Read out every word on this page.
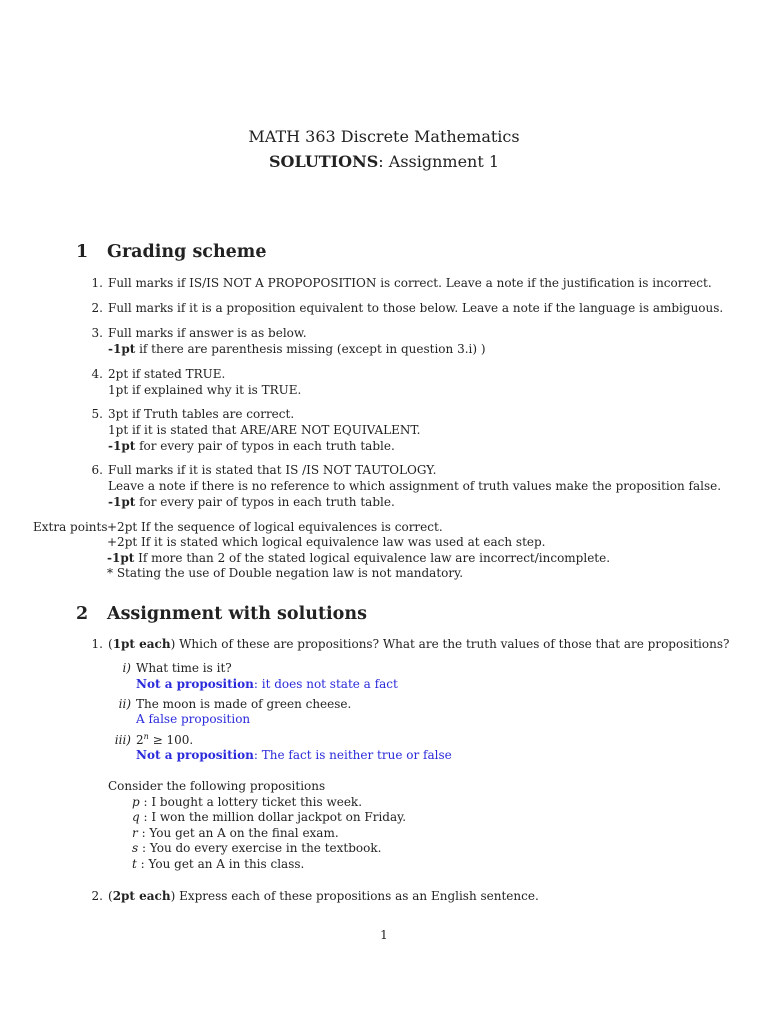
MATH 363 Discrete Mathematics
SOLUTIONS: Assignment 1
1 Grading scheme
1. Full marks if IS/IS NOT A PROPOPOSITION is correct. Leave a note if the justification is incorrect.
2. Full marks if it is a proposition equivalent to those below. Leave a note if the language is ambiguous.
3. Full marks if answer is as below.
-1pt if there are parenthesis missing (except in question 3.i) )
4. 2pt if stated TRUE.
1pt if explained why it is TRUE.
5. 3pt if Truth tables are correct.
1pt if it is stated that ARE/ARE NOT EQUIVALENT.
-1pt for every pair of typos in each truth table.
6. Full marks if it is stated that IS /IS NOT TAUTOLOGY.
Leave a note if there is no reference to which assignment of truth values make the proposition false.
-1pt for every pair of typos in each truth table.
Extra points +2pt If the sequence of logical equivalences is correct.
+2pt If it is stated which logical equivalence law was used at each step.
-1pt If more than 2 of the stated logical equivalence law are incorrect/incomplete.
* Stating the use of Double negation law is not mandatory.
2 Assignment with solutions
1. (1pt each) Which of these are propositions? What are the truth values of those that are propositions?
i) What time is it?
Not a proposition: it does not state a fact
ii) The moon is made of green cheese.
A false proposition
iii) $2^n \ge 100$.
Not a proposition: The fact is neither true or false
Consider the following propositions
p : I bought a lottery ticket this week.
q : I won the million dollar jackpot on Friday.
r : You get an A on the final exam.
s : You do every exercise in the textbook.
t : You get an A in this class.
2. (2pt each) Express each of these propositions as an English sentence.
1
